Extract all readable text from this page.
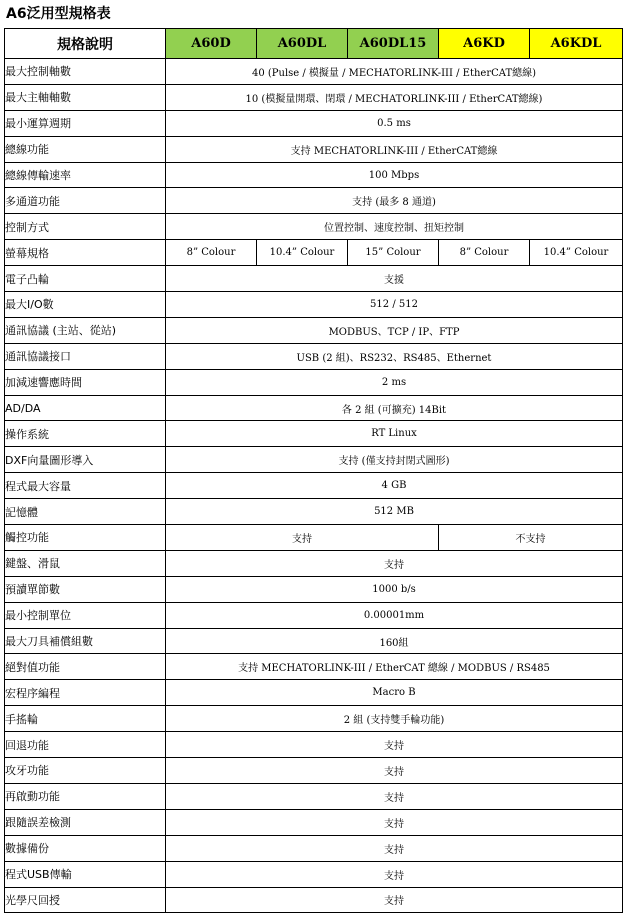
A6泛用型規格表
規格說明	A60D	A60DL	A60DL15	A6KD	A6KDL
最大控制軸數	40 (Pulse / 模擬量 / MECHATORLINK-III / EtherCAT總線)				
最大主軸軸數	10 (模擬量開環、閉環 / MECHATORLINK-III / EtherCAT總線)				
最小運算週期	0.5 ms				
總線功能	支持 MECHATORLINK-III / EtherCAT總線				
總線傳輸速率	100 Mbps				
多通道功能	支持 (最多 8 通道)				
控制方式	位置控制、速度控制、扭矩控制				
螢幕規格	8” Colour	10.4” Colour	15” Colour	8” Colour	10.4” Colour
電子凸輪	支援				
最大I/O數	512 / 512				
通訊協議 (主站、從站)	MODBUS、TCP / IP、FTP				
通訊協議接口	USB (2 組)、RS232、RS485、Ethernet				
加減速響應時間	2 ms				
AD/DA	各 2 組 (可擴充) 14Bit				
操作系統	RT Linux				
DXF向量圖形導入	支持 (僅支持封閉式圖形)				
程式最大容量	4 GB				
記憶體	512 MB				
觸控功能	支持			不支持	
鍵盤、滑鼠	支持				
預讀單節數	1000 b/s				
最小控制單位	0.00001mm				
最大刀具補償組數	160組				
絕對值功能	支持 MECHATORLINK-III / EtherCAT 總線 / MODBUS / RS485				
宏程序編程	Macro B				
手搖輪	2 組 (支持雙手輪功能)				
回退功能	支持				
攻牙功能	支持				
再啟動功能	支持				
跟隨誤差檢測	支持				
數據備份	支持				
程式USB傳輸	支持				
光學尺回授	支持				
